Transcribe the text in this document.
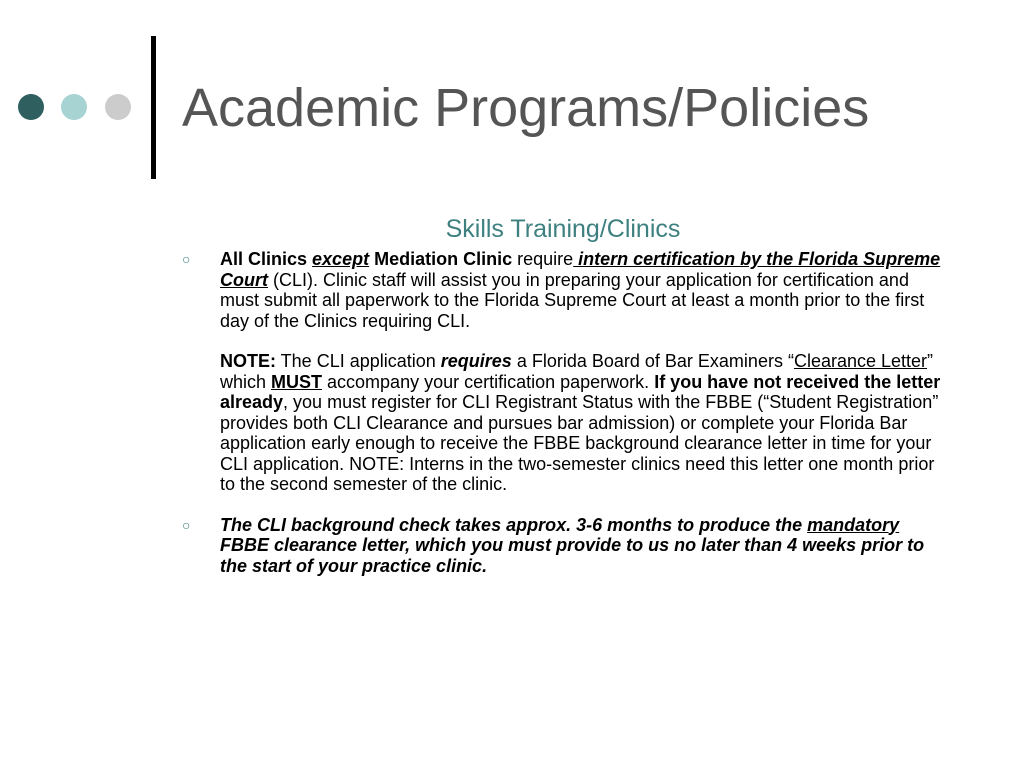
Academic Programs/Policies
Skills Training/Clinics
○ All Clinics except Mediation Clinic require intern certification by the Florida Supreme Court (CLI). Clinic staff will assist you in preparing your application for certification and must submit all paperwork to the Florida Supreme Court at least a month prior to the first day of the Clinics requiring CLI.

NOTE: The CLI application requires a Florida Board of Bar Examiners “Clearance Letter” which MUST accompany your certification paperwork. If you have not received the letter already, you must register for CLI Registrant Status with the FBBE (“Student Registration” provides both CLI Clearance and pursues bar admission) or complete your Florida Bar application early enough to receive the FBBE background clearance letter in time for your CLI application. NOTE: Interns in the two-semester clinics need this letter one month prior to the second semester of the clinic.

○ The CLI background check takes approx. 3-6 months to produce the mandatory FBBE clearance letter, which you must provide to us no later than 4 weeks prior to the start of your practice clinic.
